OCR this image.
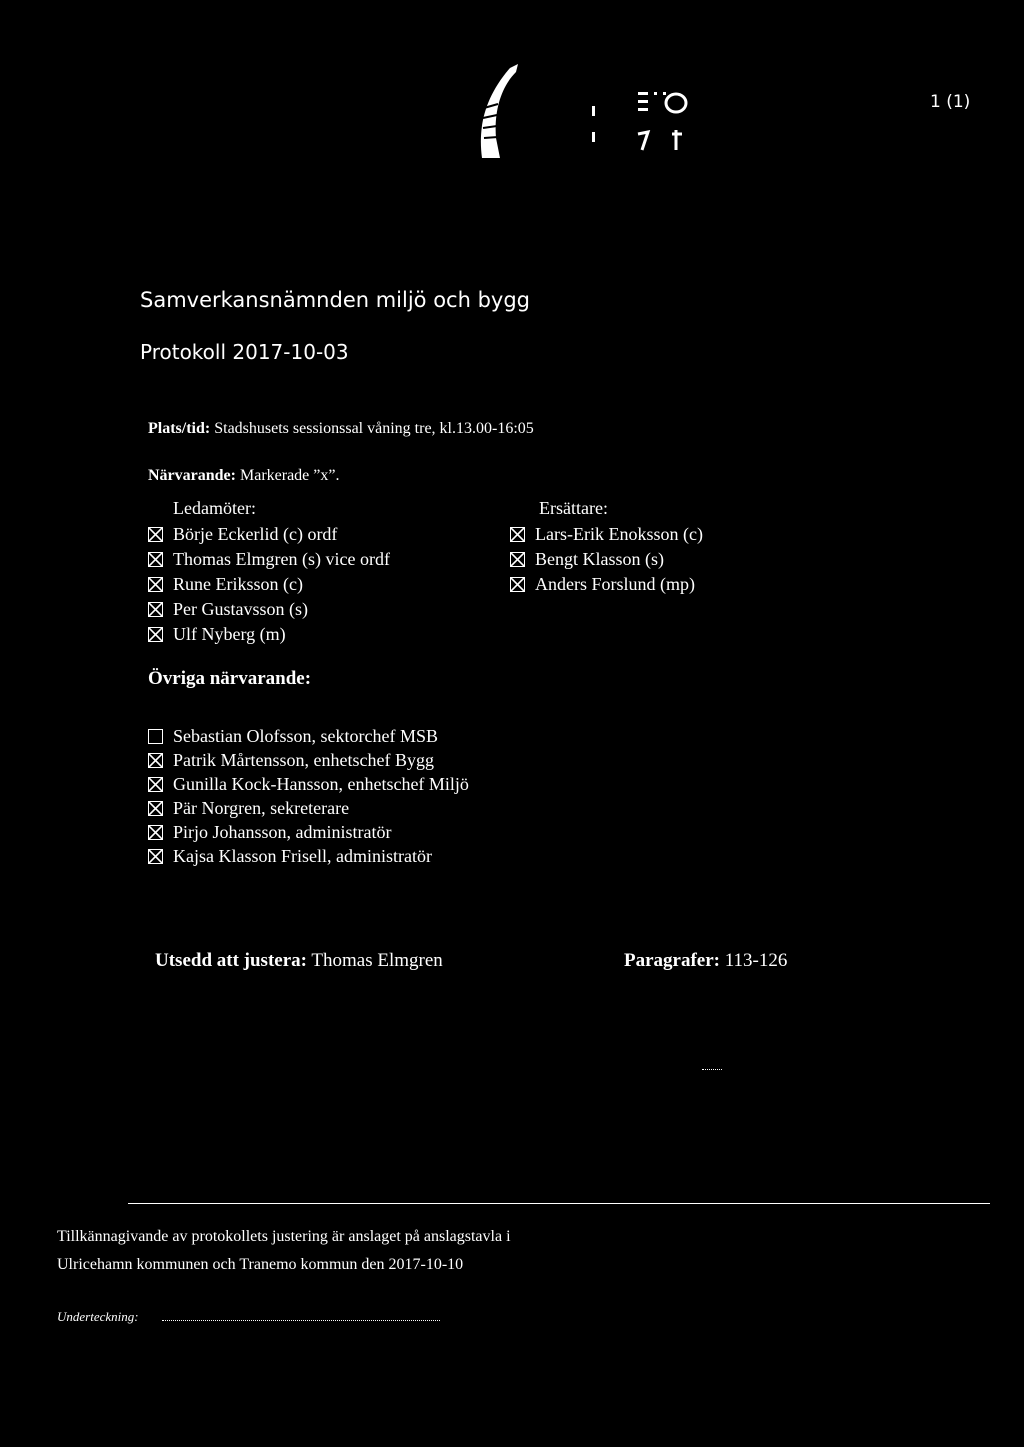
1 (1)
Samverkansnämnden miljö och bygg
Protokoll 2017-10-03
Plats/tid: Stadshusets sessionssal våning tre, kl.13.00-16:05
Närvarande: Markerade ”x”.
Ledamöter:
Börje Eckerlid (c) ordf
Thomas Elmgren (s) vice ordf
Rune Eriksson (c)
Per Gustavsson (s)
Ulf Nyberg (m)
Ersättare:
Lars-Erik Enoksson (c)
Bengt Klasson (s)
Anders Forslund (mp)
Övriga närvarande:
Sebastian Olofsson, sektorchef MSB
Patrik Mårtensson, enhetschef Bygg
Gunilla Kock-Hansson, enhetschef Miljö
Pär Norgren, sekreterare
Pirjo Johansson, administratör
Kajsa Klasson Frisell, administratör
Utsedd att justera: Thomas Elmgren	Paragrafer: 113-126
Tillkännagivande av protokollets justering är anslaget på anslagstavla i
Ulricehamn kommunen och Tranemo kommun den 2017-10-10
Underteckning:
